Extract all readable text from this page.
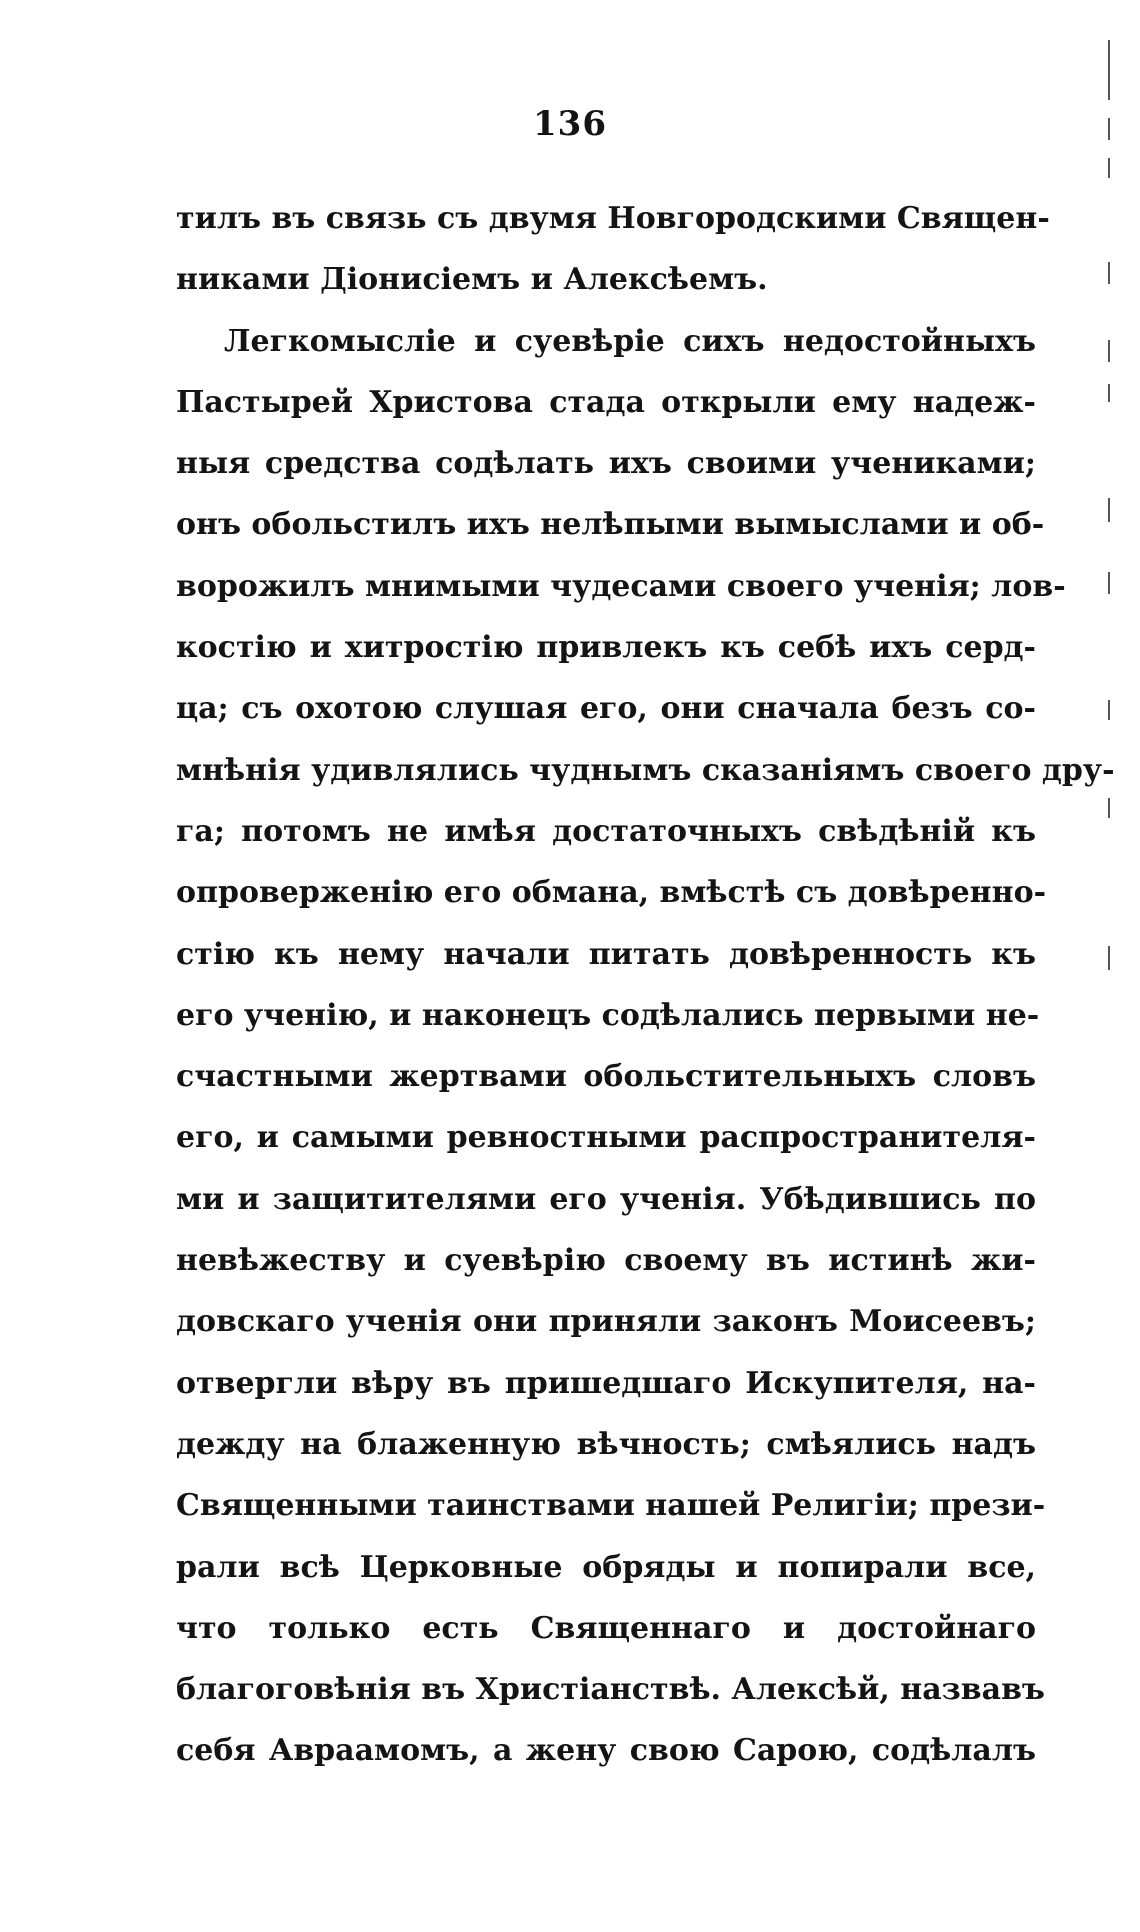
136
тилъ въ связь съ двумя Новгородскими Священ-
никами Діонисіемъ и Алексѣемъ.
Легкомысліе и суевѣріе сихъ недостойныхъ
Пастырей Христова стада открыли ему надеж-
ныя средства содѣлать ихъ своими учениками;
онъ обольстилъ ихъ нелѣпыми вымыслами и об-
ворожилъ мнимыми чудесами своего ученія; лов-
костію и хитростію привлекъ къ себѣ ихъ серд-
ца; съ охотою слушая его, они сначала безъ со-
мнѣнія удивлялись чуднымъ сказаніямъ своего дру-
га; потомъ не имѣя достаточныхъ свѣдѣній къ
опроверженію его обмана, вмѣстѣ съ довѣренно-
стію къ нему начали питать довѣренность къ
его ученію, и наконецъ содѣлались первыми не-
счастными жертвами обольстительныхъ словъ
его, и самыми ревностными распространителя-
ми и защитителями его ученія. Убѣдившись по
невѣжеству и суевѣрію своему въ истинѣ жи-
довскаго ученія они приняли законъ Моисеевъ;
отвергли вѣру въ пришедшаго Искупителя, на-
дежду на блаженную вѣчность; смѣялись надъ
Священными таинствами нашей Религіи; прези-
рали всѣ Церковные обряды и попирали все,
что только есть Священнаго и достойнаго
благоговѣнія въ Христіанствѣ. Алексѣй, назвавъ
себя Авраамомъ, а жену свою Сарою, содѣлалъ
